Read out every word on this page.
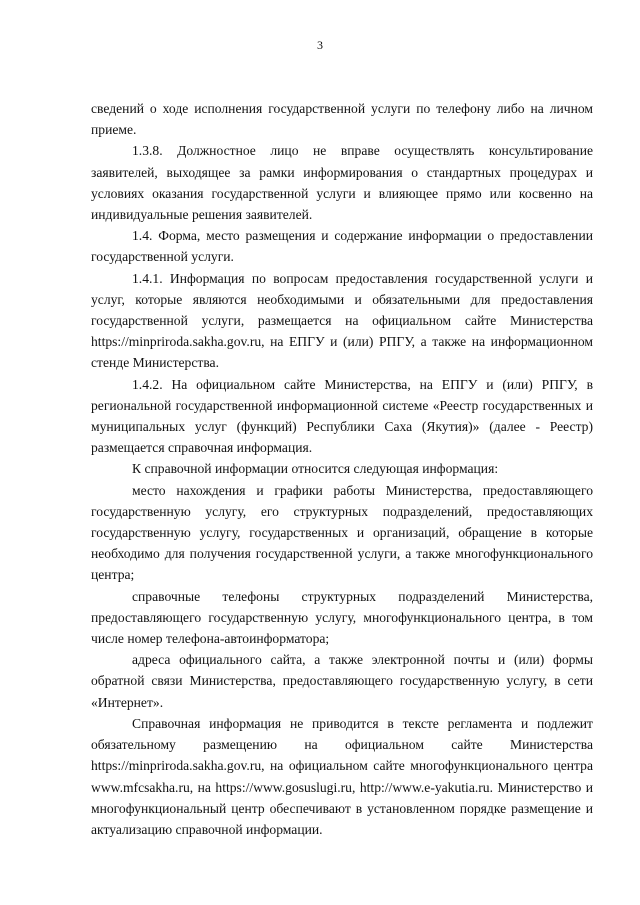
3

сведений о ходе исполнения государственной услуги по телефону либо на личном приеме.

1.3.8. Должностное лицо не вправе осуществлять консультирование заявителей, выходящее за рамки информирования о стандартных процедурах и условиях оказания государственной услуги и влияющее прямо или косвенно на индивидуальные решения заявителей.

1.4. Форма, место размещения и содержание информации о предоставлении государственной услуги.

1.4.1. Информация по вопросам предоставления государственной услуги и услуг, которые являются необходимыми и обязательными для предоставления государственной услуги, размещается на официальном сайте Министерства https://minpriroda.sakha.gov.ru, на ЕПГУ и (или) РПГУ, а также на информационном стенде Министерства.

1.4.2. На официальном сайте Министерства, на ЕПГУ и (или) РПГУ, в региональной государственной информационной системе «Реестр государственных и муниципальных услуг (функций) Республики Саха (Якутия)» (далее - Реестр) размещается справочная информация.

К справочной информации относится следующая информация:

место нахождения и графики работы Министерства, предоставляющего государственную услугу, его структурных подразделений, предоставляющих государственную услугу, государственных и организаций, обращение в которые необходимо для получения государственной услуги, а также многофункционального центра;

справочные телефоны структурных подразделений Министерства, предоставляющего государственную услугу, многофункционального центра, в том числе номер телефона-автоинформатора;

адреса официального сайта, а также электронной почты и (или) формы обратной связи Министерства, предоставляющего государственную услугу, в сети «Интернет».

Справочная информация не приводится в тексте регламента и подлежит обязательному размещению на официальном сайте Министерства https://minpriroda.sakha.gov.ru, на официальном сайте многофункционального центра www.mfcsakha.ru, на https://www.gosuslugi.ru, http://www.e-yakutia.ru. Министерство и многофункциональный центр обеспечивают в установленном порядке размещение и актуализацию справочной информации.
